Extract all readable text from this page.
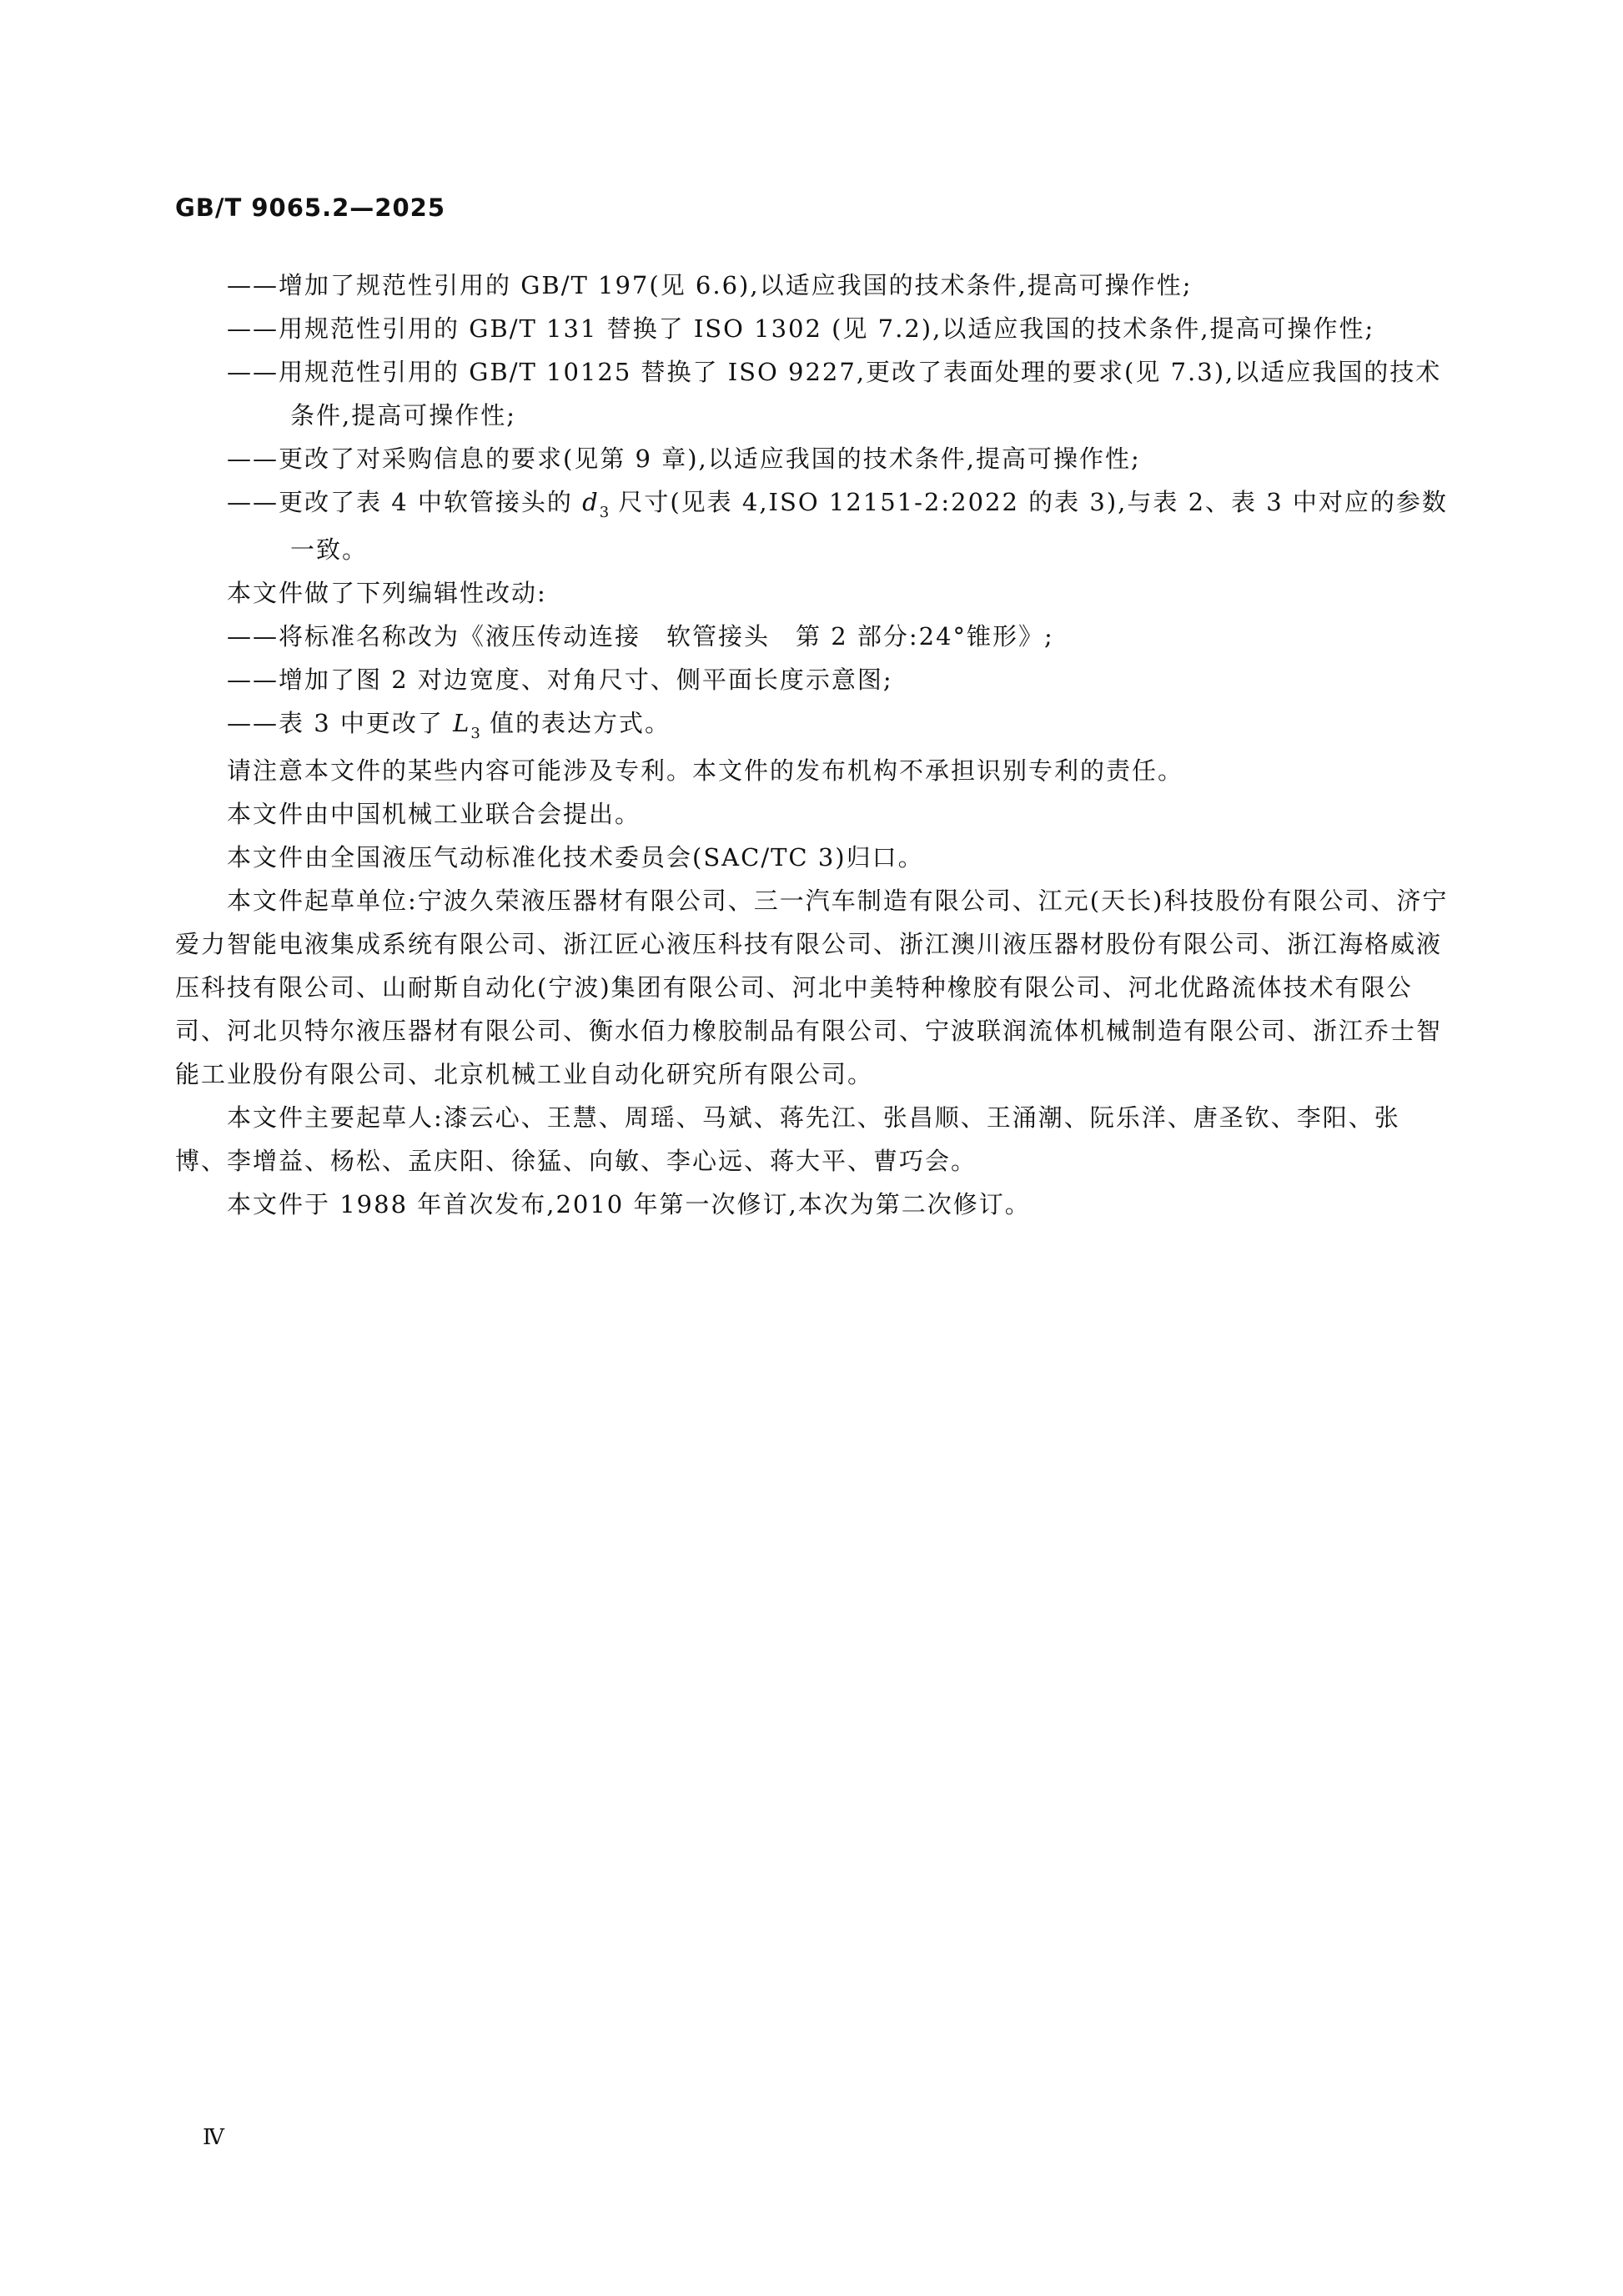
GB/T 9065.2—2025

——增加了规范性引用的 GB/T 197(见 6.6),以适应我国的技术条件,提高可操作性;

——用规范性引用的 GB/T 131 替换了 ISO 1302 (见 7.2),以适应我国的技术条件,提高可操作性;

——用规范性引用的 GB/T 10125 替换了 ISO 9227,更改了表面处理的要求(见 7.3),以适应我国的技术条件,提高可操作性;

——更改了对采购信息的要求(见第 9 章),以适应我国的技术条件,提高可操作性;

——更改了表 4 中软管接头的 $d_3$ 尺寸(见表 4,ISO 12151-2:2022 的表 3),与表 2、表 3 中对应的参数一致。

本文件做了下列编辑性改动:

——将标准名称改为《液压传动连接　软管接头　第 2 部分:24°锥形》;

——增加了图 2 对边宽度、对角尺寸、侧平面长度示意图;

——表 3 中更改了 $L_3$ 值的表达方式。

请注意本文件的某些内容可能涉及专利。本文件的发布机构不承担识别专利的责任。

本文件由中国机械工业联合会提出。

本文件由全国液压气动标准化技术委员会(SAC/TC 3)归口。

本文件起草单位:宁波久荣液压器材有限公司、三一汽车制造有限公司、江元(天长)科技股份有限公司、济宁爱力智能电液集成系统有限公司、浙江匠心液压科技有限公司、浙江澳川液压器材股份有限公司、浙江海格威液压科技有限公司、山耐斯自动化(宁波)集团有限公司、河北中美特种橡胶有限公司、河北优路流体技术有限公司、河北贝特尔液压器材有限公司、衡水佰力橡胶制品有限公司、宁波联润流体机械制造有限公司、浙江乔士智能工业股份有限公司、北京机械工业自动化研究所有限公司。

本文件主要起草人:漆云心、王慧、周瑶、马斌、蒋先江、张昌顺、王涌潮、阮乐洋、唐圣钦、李阳、张博、李增益、杨松、孟庆阳、徐猛、向敏、李心远、蒋大平、曹巧会。

本文件于 1988 年首次发布,2010 年第一次修订,本次为第二次修订。

Ⅳ
